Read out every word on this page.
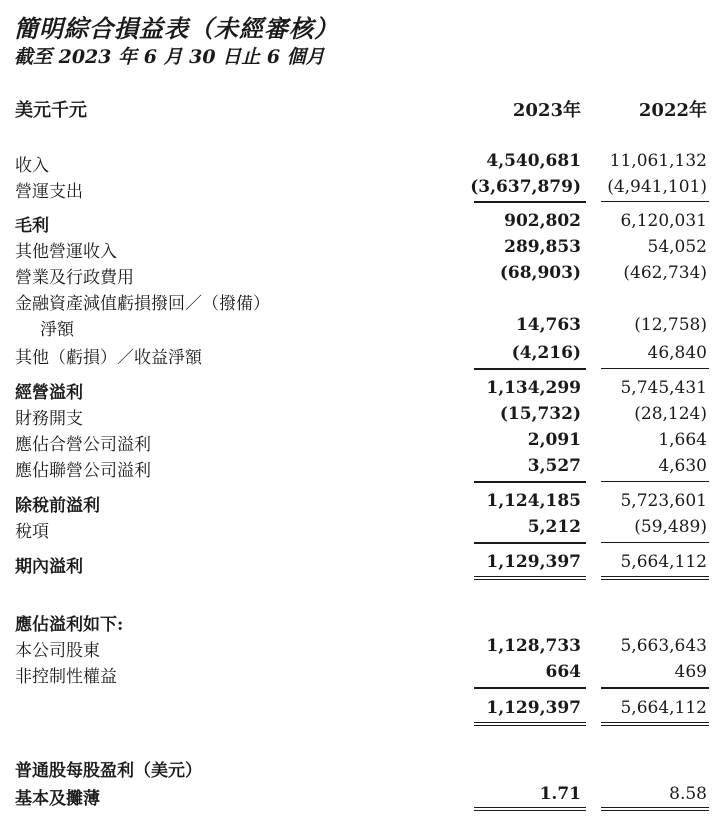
簡明綜合損益表（未經審核）
截至 2023 年 6 月 30 日止 6 個月
美元千元	2023年	2022年
收入	4,540,681 11,061,132
營運支出	(3,637,879) (4,941,101)
毛利	902,802 6,120,031
其他營運收入	289,853	54,052
營業及行政費用	(68,903) (462,734)
金融資產減值虧損撥回／（撥備）
淨額	14,763	(12,758)
其他（虧損）／收益淨額	(4,216)	46,840
經營溢利	1,134,299 5,745,431
財務開支	(15,732)	(28,124)
應佔合營公司溢利	2,091	1,664
應佔聯營公司溢利	3,527	4,630
除稅前溢利	1,124,185 5,723,601
稅項	5,212	(59,489)
期內溢利	1,129,397 5,664,112
應佔溢利如下:
本公司股東	1,128,733 5,663,643
非控制性權益	664	469
1,129,397 5,664,112
普通股每股盈利（美元）
基本及攤薄	1.71	8.58
